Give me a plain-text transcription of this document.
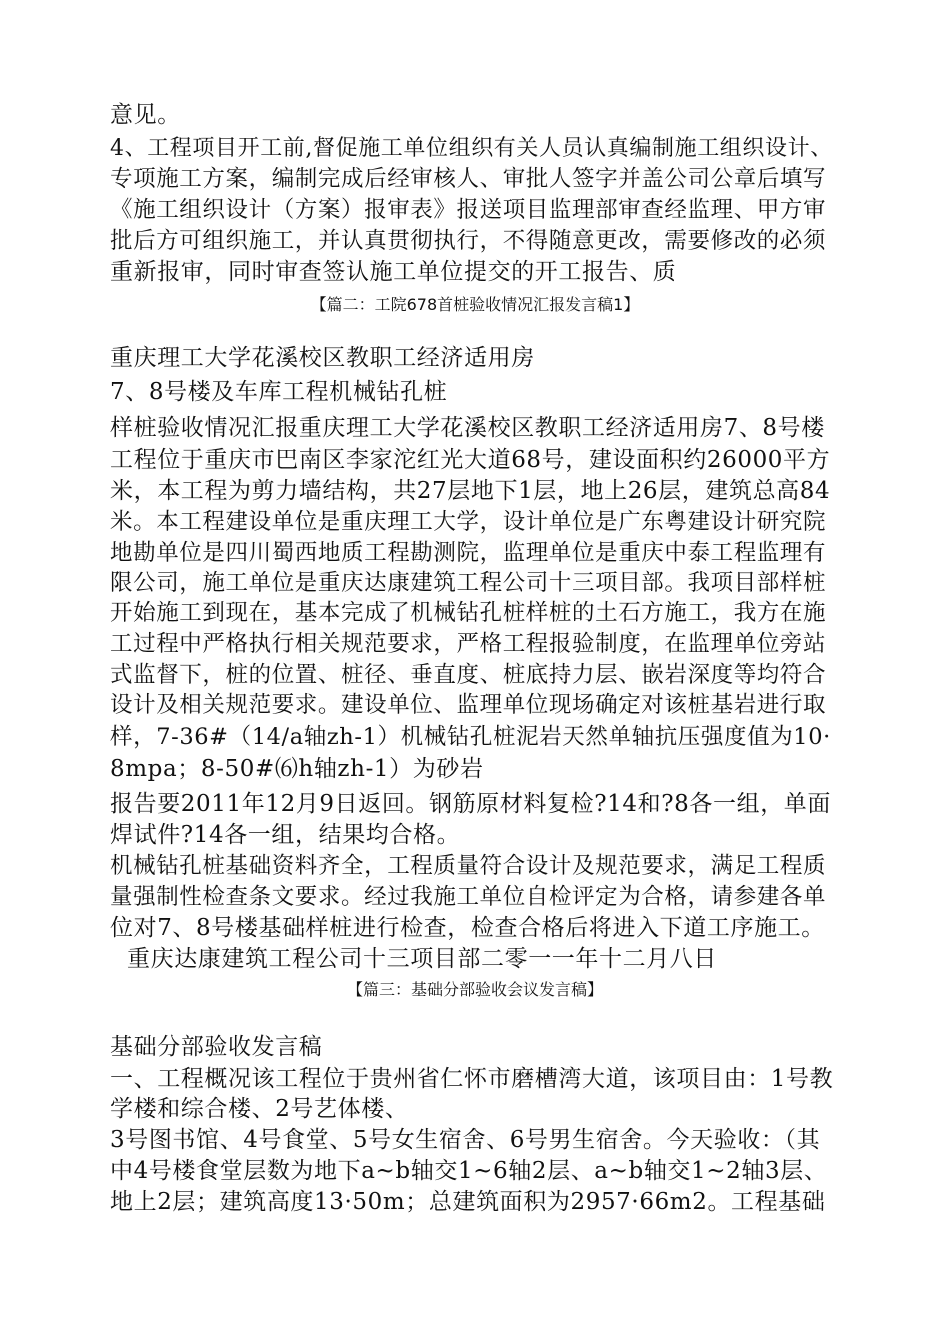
意见。
4、工程项目开工前,督促施工单位组织有关人员认真编制施工组织设计、
专项施工方案，编制完成后经审核人、审批人签字并盖公司公章后填写
《施工组织设计（方案）报审表》报送项目监理部审查经监理、甲方审
批后方可组织施工，并认真贯彻执行，不得随意更改，需要修改的必须
重新报审，同时审查签认施工单位提交的开工报告、质
【篇二：工院678首桩验收情况汇报发言稿1】
重庆理工大学花溪校区教职工经济适用房
7、8号楼及车库工程机械钻孔桩
样桩验收情况汇报重庆理工大学花溪校区教职工经济适用房7、8号楼
工程位于重庆市巴南区李家沱红光大道68号，建设面积约26000平方
米，本工程为剪力墙结构，共27层地下1层，地上26层，建筑总高84
米。本工程建设单位是重庆理工大学，设计单位是广东粤建设计研究院
地勘单位是四川蜀西地质工程勘测院，监理单位是重庆中泰工程监理有
限公司，施工单位是重庆达康建筑工程公司十三项目部。我项目部样桩
开始施工到现在，基本完成了机械钻孔桩样桩的土石方施工，我方在施
工过程中严格执行相关规范要求，严格工程报验制度，在监理单位旁站
式监督下，桩的位置、桩径、垂直度、桩底持力层、嵌岩深度等均符合
设计及相关规范要求。建设单位、监理单位现场确定对该桩基岩进行取
样，7-36#（14/a轴zh-1）机械钻孔桩泥岩天然单轴抗压强度值为10·
8mpa；8-50#⑹h轴zh-1）为砂岩
报告要2011年12月9日返回。钢筋原材料复检?14和?8各一组，单面
焊试件?14各一组，结果均合格。
机械钻孔桩基础资料齐全，工程质量符合设计及规范要求，满足工程质
量强制性检查条文要求。经过我施工单位自检评定为合格，请参建各单
位对7、8号楼基础样桩进行检查，检查合格后将进入下道工序施工。
重庆达康建筑工程公司十三项目部二零一一年十二月八日
【篇三：基础分部验收会议发言稿】
基础分部验收发言稿
一、工程概况该工程位于贵州省仁怀市磨槽湾大道，该项目由：1号教
学楼和综合楼、2号艺体楼、
3号图书馆、4号食堂、5号女生宿舍、6号男生宿舍。今天验收：（其
中4号楼食堂层数为地下a~b轴交1~6轴2层、a~b轴交1~2轴3层、
地上2层；建筑高度13·50m；总建筑面积为2957·66m2。工程基础
